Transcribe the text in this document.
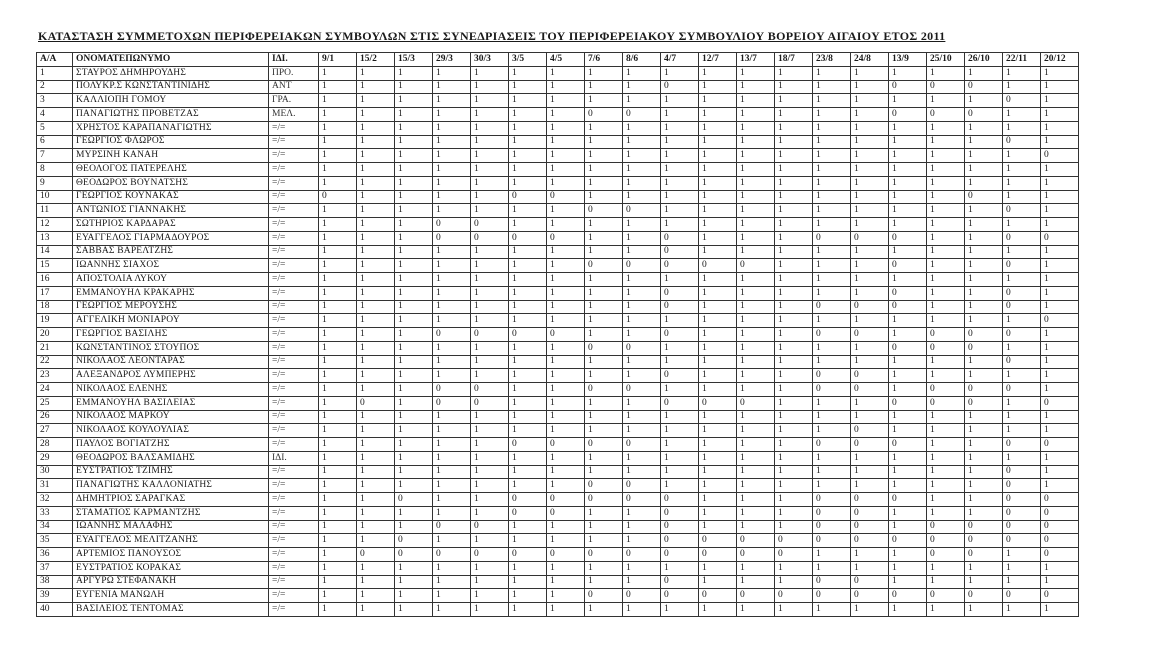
ΚΑΤΑΣΤΑΣΗ ΣΥΜΜΕΤΟΧΩΝ ΠΕΡΙΦΕΡΕΙΑΚΩΝ ΣΥΜΒΟΥΛΩΝ ΣΤΙΣ ΣΥΝΕΔΡΙΑΣΕΙΣ ΤΟΥ ΠΕΡΙΦΕΡΕΙΑΚΟΥ ΣΥΜΒΟΥΛΙΟΥ ΒΟΡΕΙΟΥ ΑΙΓΑΙΟΥ ΕΤΟΣ 2011
Α/Α	ΟΝΟΜΑΤΕΠΩΝΥΜΟ	ΙΔΙ.	9/1	15/2	15/3	29/3	30/3	3/5	4/5	7/6	8/6	4/7	12/7	13/7	18/7	23/8	24/8	13/9	25/10	26/10	22/11	20/12
1	ΣΤΑΥΡΟΣ ΔΗΜΗΡΟΥΔΗΣ	ΠΡΟ.	1	1	1	1	1	1	1	1	1	1	1	1	1	1	1	1	1	1	1	1
2	ΠΟΛΥΚΡ.Σ ΚΩΝΣΤΑΝΤΙΝΙΔΗΣ	ΑΝΤ	1	1	1	1	1	1	1	1	1	0	1	1	1	1	1	0	0	0	1	1
3	ΚΑΛΛΙΟΠΗ ΓΟΜΟΥ	ΓΡΑ.	1	1	1	1	1	1	1	1	1	1	1	1	1	1	1	1	1	1	0	1
4	ΠΑΝΑΓΙΩΤΗΣ ΠΡΟΒΕΤΖΑΣ	ΜΕΛ.	1	1	1	1	1	1	1	0	0	1	1	1	1	1	1	0	0	0	1	1
5	ΧΡΗΣΤΟΣ ΚΑΡΑΠΑΝΑΓΙΩΤΗΣ	=/=	1	1	1	1	1	1	1	1	1	1	1	1	1	1	1	1	1	1	1	1
6	ΓΕΩΡΓΙΟΣ ΦΛΩΡΟΣ	=/=	1	1	1	1	1	1	1	1	1	1	1	1	1	1	1	1	1	1	0	1
7	ΜΥΡΣΙΝΗ ΚΑΝΑΗ	=/=	1	1	1	1	1	1	1	1	1	1	1	1	1	1	1	1	1	1	1	0
8	ΘΕΟΛΟΓΟΣ ΠΑΤΕΡΕΛΗΣ	=/=	1	1	1	1	1	1	1	1	1	1	1	1	1	1	1	1	1	1	1	1
9	ΘΕΟΔΩΡΟΣ ΒΟΥΝΑΤΣΗΣ	=/=	1	1	1	1	1	1	1	1	1	1	1	1	1	1	1	1	1	1	1	1
10	ΓΕΩΡΓΙΟΣ ΚΟΥΝΑΚΑΣ	=/=	0	1	1	1	1	0	0	1	1	1	1	1	1	1	1	1	1	0	1	1
11	ΑΝΤΩΝΙΟΣ ΓΙΑΝΝΑΚΗΣ	=/=	1	1	1	1	1	1	1	0	0	1	1	1	1	1	1	1	1	1	0	1
12	ΣΩΤΗΡΙΟΣ ΚΑΡΔΑΡΑΣ	=/=	1	1	1	0	0	1	1	1	1	1	1	1	1	1	1	1	1	1	1	1
13	ΕΥΑΓΓΕΛΟΣ ΓΙΑΡΜΑΔΟΥΡΟΣ	=/=	1	1	1	0	0	0	0	1	1	0	1	1	1	0	0	0	1	1	0	0
14	ΣΑΒΒΑΣ ΒΑΡΕΛΤΖΗΣ	=/=	1	1	1	1	1	1	1	1	1	0	1	1	1	1	1	1	1	1	1	1
15	ΙΩΑΝΝΗΣ ΣΙΑΧΟΣ	=/=	1	1	1	1	1	1	1	0	0	0	0	0	1	1	1	0	1	1	0	1
16	ΑΠΟΣΤΟΛΙΑ ΛΥΚΟΥ	=/=	1	1	1	1	1	1	1	1	1	1	1	1	1	1	1	1	1	1	1	1
17	ΕΜΜΑΝΟΥΗΛ ΚΡΑΚΑΡΗΣ	=/=	1	1	1	1	1	1	1	1	1	0	1	1	1	1	1	0	1	1	0	1
18	ΓΕΩΡΓΙΟΣ ΜΕΡΟΥΣΗΣ	=/=	1	1	1	1	1	1	1	1	1	0	1	1	1	0	0	0	1	1	0	1
19	ΑΓΓΕΛΙΚΗ ΜΟΝΙΑΡΟΥ	=/=	1	1	1	1	1	1	1	1	1	1	1	1	1	1	1	1	1	1	1	0
20	ΓΕΩΡΓΙΟΣ ΒΑΣΙΛΗΣ	=/=	1	1	1	0	0	0	0	1	1	0	1	1	1	0	0	1	0	0	0	1
21	ΚΩΝΣΤΑΝΤΙΝΟΣ ΣΤΟΥΠΟΣ	=/=	1	1	1	1	1	1	1	0	0	1	1	1	1	1	1	0	0	0	1	1
22	ΝΙΚΟΛΑΟΣ ΛΕΟΝΤΑΡΑΣ	=/=	1	1	1	1	1	1	1	1	1	1	1	1	1	1	1	1	1	1	0	1
23	ΑΛΕΞΑΝΔΡΟΣ ΛΥΜΠΕΡΗΣ	=/=	1	1	1	1	1	1	1	1	1	0	1	1	1	0	0	1	1	1	1	1
24	ΝΙΚΟΛΑΟΣ ΕΛΕΝΗΣ	=/=	1	1	1	0	0	1	1	0	0	1	1	1	1	0	0	1	0	0	0	1
25	ΕΜΜΑΝΟΥΗΛ ΒΑΣΙΛΕΙΑΣ	=/=	1	0	1	0	0	1	1	1	1	0	0	0	1	1	1	0	0	0	1	0
26	ΝΙΚΟΛΑΟΣ ΜΑΡΚΟΥ	=/=	1	1	1	1	1	1	1	1	1	1	1	1	1	1	1	1	1	1	1	1
27	ΝΙΚΟΛΑΟΣ ΚΟΥΛΟΥΛΙΑΣ	=/=	1	1	1	1	1	1	1	1	1	1	1	1	1	1	0	1	1	1	1	1
28	ΠΑΥΛΟΣ ΒΟΓΙΑΤΖΗΣ	=/=	1	1	1	1	1	0	0	0	0	1	1	1	1	0	0	0	1	1	0	0
29	ΘΕΟΔΩΡΟΣ ΒΑΛΣΑΜΙΔΗΣ	ΙΔΙ.	1	1	1	1	1	1	1	1	1	1	1	1	1	1	1	1	1	1	1	1
30	ΕΥΣΤΡΑΤΙΟΣ ΤΖΙΜΗΣ	=/=	1	1	1	1	1	1	1	1	1	1	1	1	1	1	1	1	1	1	0	1
31	ΠΑΝΑΓΙΩΤΗΣ ΚΑΛΛΟΝΙΑΤΗΣ	=/=	1	1	1	1	1	1	1	0	0	1	1	1	1	1	1	1	1	1	0	1
32	ΔΗΜΗΤΡΙΟΣ ΣΑΡΑΓΚΑΣ	=/=	1	1	0	1	1	0	0	0	0	0	1	1	1	0	0	0	1	1	0	0
33	ΣΤΑΜΑΤΙΟΣ ΚΑΡΜΑΝΤΖΗΣ	=/=	1	1	1	1	1	0	0	1	1	0	1	1	1	0	0	1	1	1	0	0
34	ΙΩΑΝΝΗΣ ΜΑΛΑΦΗΣ	=/=	1	1	1	0	0	1	1	1	1	0	1	1	1	0	0	1	0	0	0	0
35	ΕΥΑΓΓΕΛΟΣ ΜΕΛΙΤΖΑΝΗΣ	=/=	1	1	0	1	1	1	1	1	1	0	0	0	0	0	0	0	0	0	0	0
36	ΑΡΤΕΜΙΟΣ ΠΑΝΟΥΣΟΣ	=/=	1	0	0	0	0	0	0	0	0	0	0	0	0	1	1	1	0	0	1	0
37	ΕΥΣΤΡΑΤΙΟΣ ΚΟΡΑΚΑΣ	=/=	1	1	1	1	1	1	1	1	1	1	1	1	1	1	1	1	1	1	1	1
38	ΑΡΓΥΡΩ ΣΤΕΦΑΝΑΚΗ	=/=	1	1	1	1	1	1	1	1	1	0	1	1	1	0	0	1	1	1	1	1
39	ΕΥΓΕΝΙΑ ΜΑΝΩΛΗ	=/=	1	1	1	1	1	1	1	0	0	0	0	0	0	0	0	0	0	0	0	0
40	ΒΑΣΙΛΕΙΟΣ ΤΕΝΤΟΜΑΣ	=/=	1	1	1	1	1	1	1	1	1	1	1	1	1	1	1	1	1	1	1	1
